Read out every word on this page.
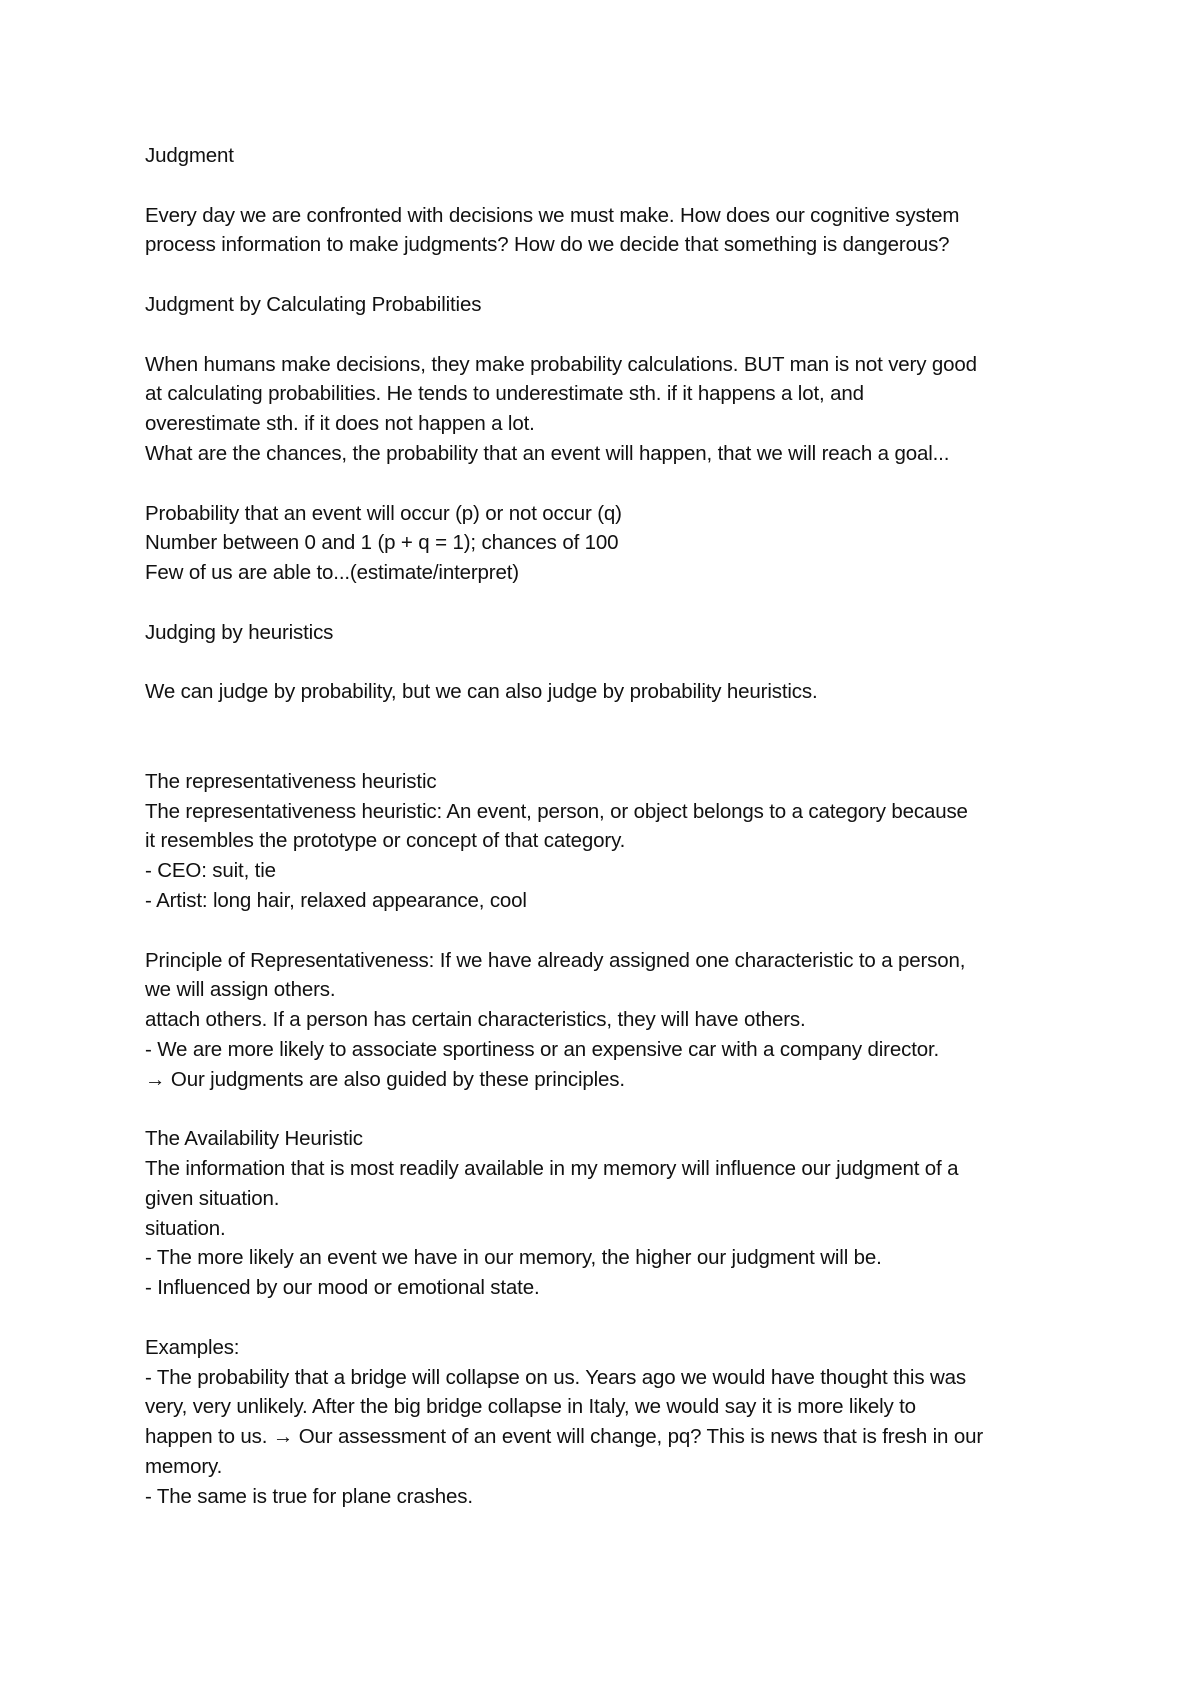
Judgment
Every day we are confronted with decisions we must make. How does our cognitive system
process information to make judgments? How do we decide that something is dangerous?
Judgment by Calculating Probabilities
When humans make decisions, they make probability calculations. BUT man is not very good
at calculating probabilities. He tends to underestimate sth. if it happens a lot, and
overestimate sth. if it does not happen a lot.
What are the chances, the probability that an event will happen, that we will reach a goal...
Probability that an event will occur (p) or not occur (q)
Number between 0 and 1 (p + q = 1); chances of 100
Few of us are able to...(estimate/interpret)
Judging by heuristics
We can judge by probability, but we can also judge by probability heuristics.
The representativeness heuristic
The representativeness heuristic: An event, person, or object belongs to a category because
it resembles the prototype or concept of that category.
- CEO: suit, tie
- Artist: long hair, relaxed appearance, cool
Principle of Representativeness: If we have already assigned one characteristic to a person,
we will assign others.
attach others. If a person has certain characteristics, they will have others.
- We are more likely to associate sportiness or an expensive car with a company director.
→ Our judgments are also guided by these principles.
The Availability Heuristic
The information that is most readily available in my memory will influence our judgment of a
given situation.
situation.
- The more likely an event we have in our memory, the higher our judgment will be.
- Influenced by our mood or emotional state.
Examples:
- The probability that a bridge will collapse on us. Years ago we would have thought this was
very, very unlikely. After the big bridge collapse in Italy, we would say it is more likely to
happen to us. → Our assessment of an event will change, pq? This is news that is fresh in our
memory.
- The same is true for plane crashes.
